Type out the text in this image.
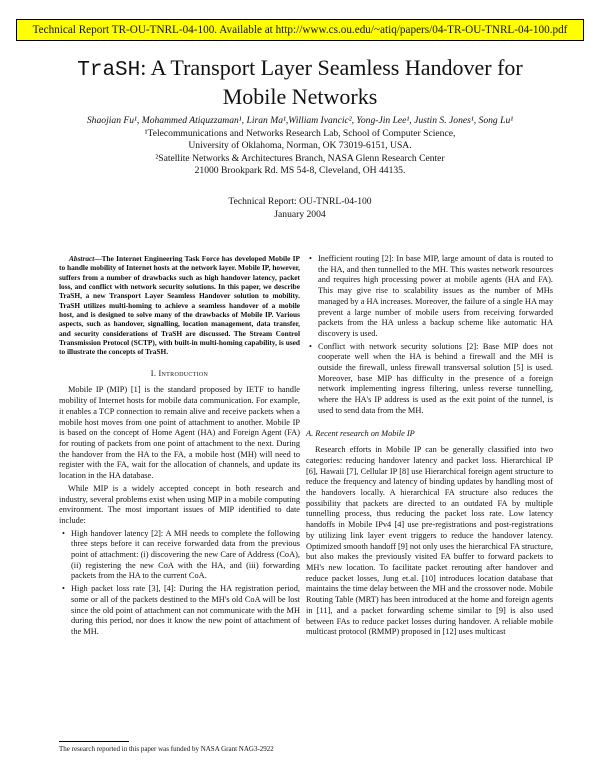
Technical Report TR-OU-TNRL-04-100. Available at http://www.cs.ou.edu/~atiq/papers/04-TR-OU-TNRL-04-100.pdf
TraSH: A Transport Layer Seamless Handover for
Mobile Networks
Shaojian Fu¹, Mohammed Atiquzzaman¹, Liran Ma¹,William Ivancic², Yong-Jin Lee¹, Justin S. Jones¹, Song Lu¹
¹Telecommunications and Networks Research Lab, School of Computer Science,
University of Oklahoma, Norman, OK 73019-6151, USA.
²Satellite Networks & Architectures Branch, NASA Glenn Research Center
21000 Brookpark Rd. MS 54-8, Cleveland, OH 44135.
Technical Report: OU-TNRL-04-100
January 2004

Abstract—The Internet Engineering Task Force has developed Mobile IP to handle mobility of Internet hosts at the network layer. Mobile IP, however, suffers from a number of drawbacks such as high handover latency, packet loss, and conflict with network security solutions. In this paper, we describe TraSH, a new Transport Layer Seamless Handover solution to mobility. TraSH utilizes multi-homing to achieve a seamless handover of a mobile host, and is designed to solve many of the drawbacks of Mobile IP. Various aspects, such as handover, signalling, location management, data transfer, and security considerations of TraSH are discussed. The Stream Control Transmission Protocol (SCTP), with built-in multi-homing capability, is used to illustrate the concepts of TraSH.

I. Introduction

Mobile IP (MIP) [1] is the standard proposed by IETF to handle mobility of Internet hosts for mobile data communication. For example, it enables a TCP connection to remain alive and receive packets when a mobile host moves from one point of attachment to another. Mobile IP is based on the concept of Home Agent (HA) and Foreign Agent (FA) for routing of packets from one point of attachment to the next. During the handover from the HA to the FA, a mobile host (MH) will need to register with the FA, wait for the allocation of channels, and update its location in the HA database.

While MIP is a widely accepted concept in both research and industry, several problems exist when using MIP in a mobile computing environment. The most important issues of MIP identified to date include:

• High handover latency [2]: A MH needs to complete the following three steps before it can receive forwarded data from the previous point of attachment: (i) discovering the new Care of Address (CoA), (ii) registering the new CoA with the HA, and (iii) forwarding packets from the HA to the current CoA.
• High packet loss rate [3], [4]: During the HA registration period, some or all of the packets destined to the MH's old CoA will be lost since the old point of attachment can not communicate with the MH during this period, nor does it know the new point of attachment of the MH.
• Inefficient routing [2]: In base MIP, large amount of data is routed to the HA, and then tunnelled to the MH. This wastes network resources and requires high processing power at mobile agents (HA and FA). This may give rise to scalability issues as the number of MHs managed by a HA increases. Moreover, the failure of a single HA may prevent a large number of mobile users from receiving forwarded packets from the HA unless a backup scheme like automatic HA discovery is used.
• Conflict with network security solutions [2]: Base MIP does not cooperate well when the HA is behind a firewall and the MH is outside the firewall, unless firewall transversal solution [5] is used. Moreover, base MIP has difficulty in the presence of a foreign network implementing ingress filtering, unless reverse tunnelling, where the HA's IP address is used as the exit point of the tunnel, is used to send data from the MH.
A. Recent research on Mobile IP

Research efforts in Mobile IP can be generally classified into two categories: reducing handover latency and packet loss. Hierarchical IP [6], Hawaii [7], Cellular IP [8] use Hierarchical foreign agent structure to reduce the frequency and latency of binding updates by handling most of the handovers locally. A hierarchical FA structure also reduces the possibility that packets are directed to an outdated FA by multiple tunnelling process, thus reducing the packet loss rate. Low latency handoffs in Mobile IPv4 [4] use pre-registrations and post-registrations by utilizing link layer event triggers to reduce the handover latency. Optimized smooth handoff [9] not only uses the hierarchical FA structure, but also makes the previously visited FA buffer to forward packets to MH's new location. To facilitate packet rerouting after handover and reduce packet losses, Jung et.al. [10] introduces location database that maintains the time delay between the MH and the crossover node. Mobile Routing Table (MRT) has been introduced at the home and foreign agents in [11], and a packet forwarding scheme similar to [9] is also used between FAs to reduce packet losses during handover. A reliable mobile multicast protocol (RMMP) proposed in [12] uses multicast

The research reported in this paper was funded by NASA Grant NAG3-2922
